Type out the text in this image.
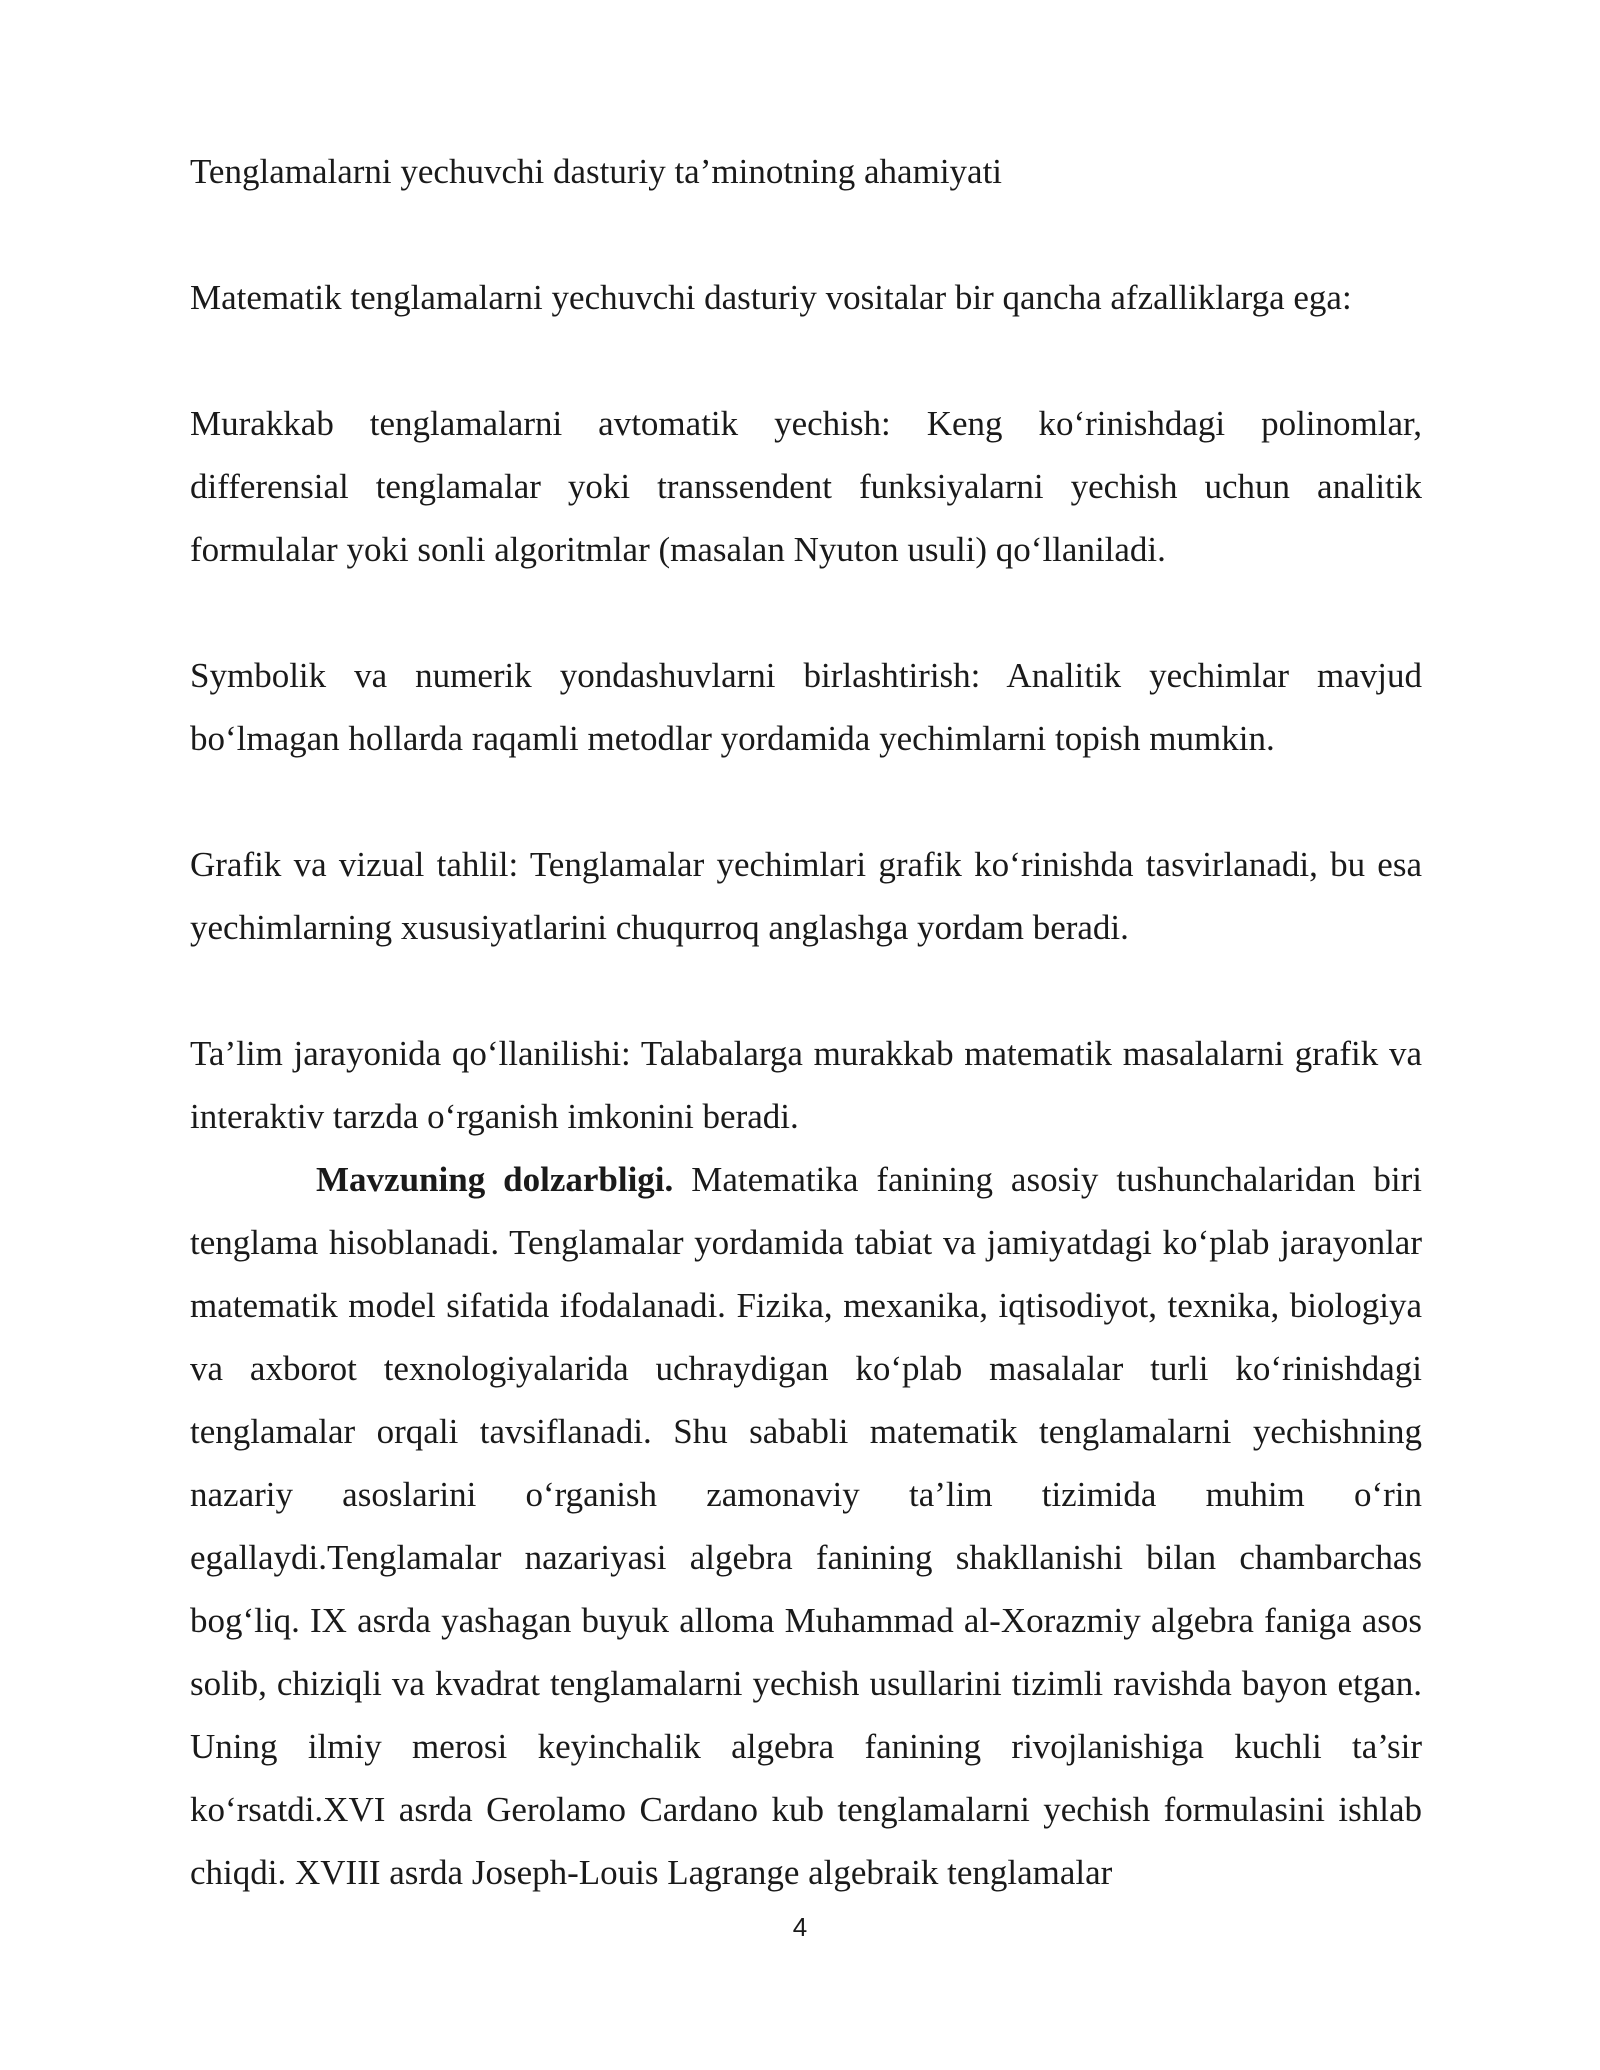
Tenglamalarni yechuvchi dasturiy ta’minotning ahamiyati

Matematik tenglamalarni yechuvchi dasturiy vositalar bir qancha afzalliklarga ega:

Murakkab tenglamalarni avtomatik yechish: Keng ko‘rinishdagi polinomlar, differensial tenglamalar yoki transsendent funksiyalarni yechish uchun analitik formulalar yoki sonli algoritmlar (masalan Nyuton usuli) qo‘llaniladi.

Symbolik va numerik yondashuvlarni birlashtirish: Analitik yechimlar mavjud bo‘lmagan hollarda raqamli metodlar yordamida yechimlarni topish mumkin.

Grafik va vizual tahlil: Tenglamalar yechimlari grafik ko‘rinishda tasvirlanadi, bu esa yechimlarning xususiyatlarini chuqurroq anglashga yordam beradi.

Ta’lim jarayonida qo‘llanilishi: Talabalarga murakkab matematik masalalarni grafik va interaktiv tarzda o‘rganish imkonini beradi.

Mavzuning dolzarbligi. Matematika fanining asosiy tushunchalaridan biri tenglama hisoblanadi. Tenglamalar yordamida tabiat va jamiyatdagi ko‘plab jarayonlar matematik model sifatida ifodalanadi. Fizika, mexanika, iqtisodiyot, texnika, biologiya va axborot texnologiyalarida uchraydigan ko‘plab masalalar turli ko‘rinishdagi tenglamalar orqali tavsiflanadi. Shu sababli matematik tenglamalarni yechishning nazariy asoslarini o‘rganish zamonaviy ta’lim tizimida muhim o‘rin egallaydi.Tenglamalar nazariyasi algebra fanining shakllanishi bilan chambarchas bog‘liq. IX asrda yashagan buyuk alloma Muhammad al-Xorazmiy algebra faniga asos solib, chiziqli va kvadrat tenglamalarni yechish usullarini tizimli ravishda bayon etgan. Uning ilmiy merosi keyinchalik algebra fanining rivojlanishiga kuchli ta’sir ko‘rsatdi.XVI asrda Gerolamo Cardano kub tenglamalarni yechish formulasini ishlab chiqdi. XVIII asrda Joseph-Louis Lagrange algebraik tenglamalar

4
